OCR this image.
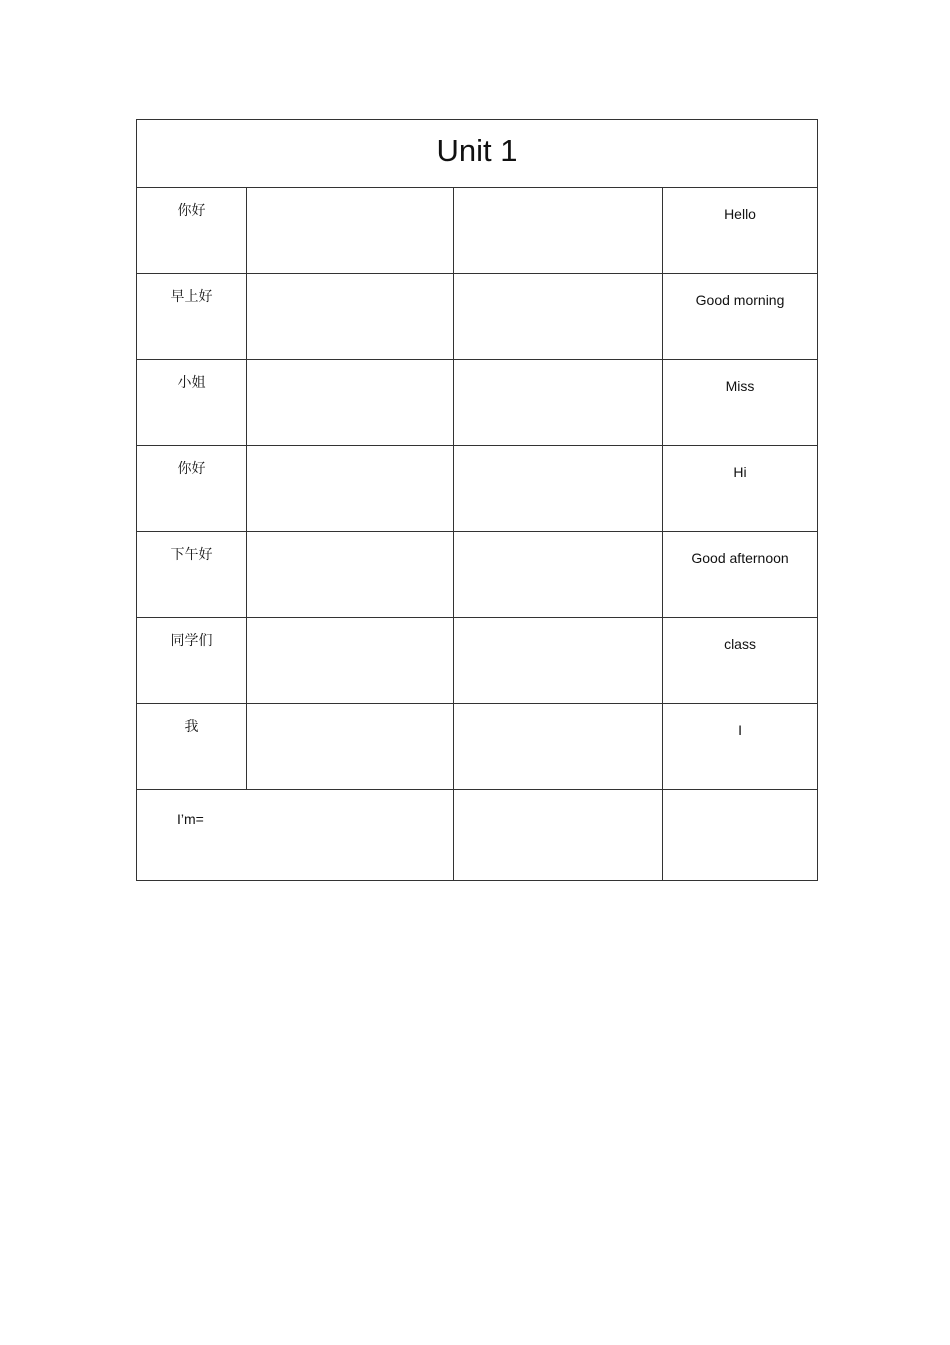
Unit 1			
你好			Hello
早上好			Good morning
小姐			Miss
你好			Hi
下午好			Good afternoon
同学们			class
我			I
I’m=			
